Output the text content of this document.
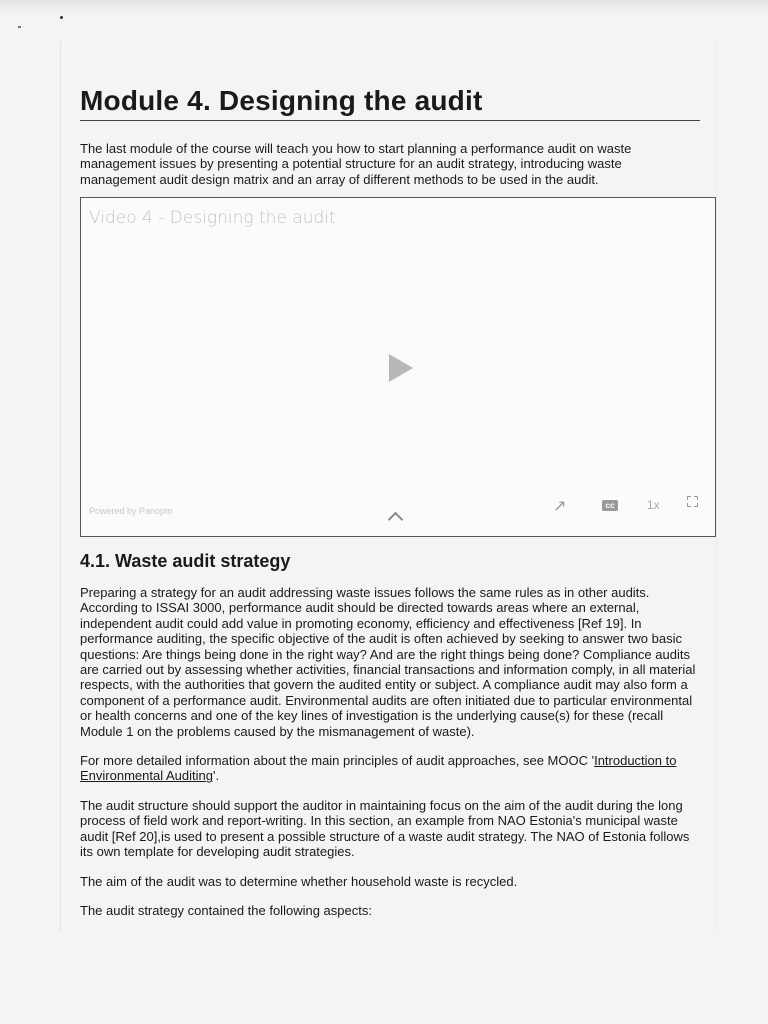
Module 4. Designing the audit

The last module of the course will teach you how to start planning a performance audit on waste management issues by presenting a potential structure for an audit strategy, introducing waste management audit design matrix and an array of different methods to be used in the audit.

Video 4 - Designing the audit
Powered by Panopto	↗	cc	1x
4.1. Waste audit strategy

Preparing a strategy for an audit addressing waste issues follows the same rules as in other audits. According to ISSAI 3000, performance audit should be directed towards areas where an external, independent audit could add value in promoting economy, efficiency and effectiveness [Ref 19]. In performance auditing, the specific objective of the audit is often achieved by seeking to answer two basic questions: Are things being done in the right way? And are the right things being done? Compliance audits are carried out by assessing whether activities, financial transactions and information comply, in all material respects, with the authorities that govern the audited entity or subject. A compliance audit may also form a component of a performance audit. Environmental audits are often initiated due to particular environmental or health concerns and one of the key lines of investigation is the underlying cause(s) for these (recall Module 1 on the problems caused by the mismanagement of waste).

For more detailed information about the main principles of audit approaches, see MOOC 'Introduction to Environmental Auditing'.

The audit structure should support the auditor in maintaining focus on the aim of the audit during the long process of field work and report-writing. In this section, an example from NAO Estonia's municipal waste audit [Ref 20],is used to present a possible structure of a waste audit strategy. The NAO of Estonia follows its own template for developing audit strategies.

The aim of the audit was to determine whether household waste is recycled.

The audit strategy contained the following aspects:
